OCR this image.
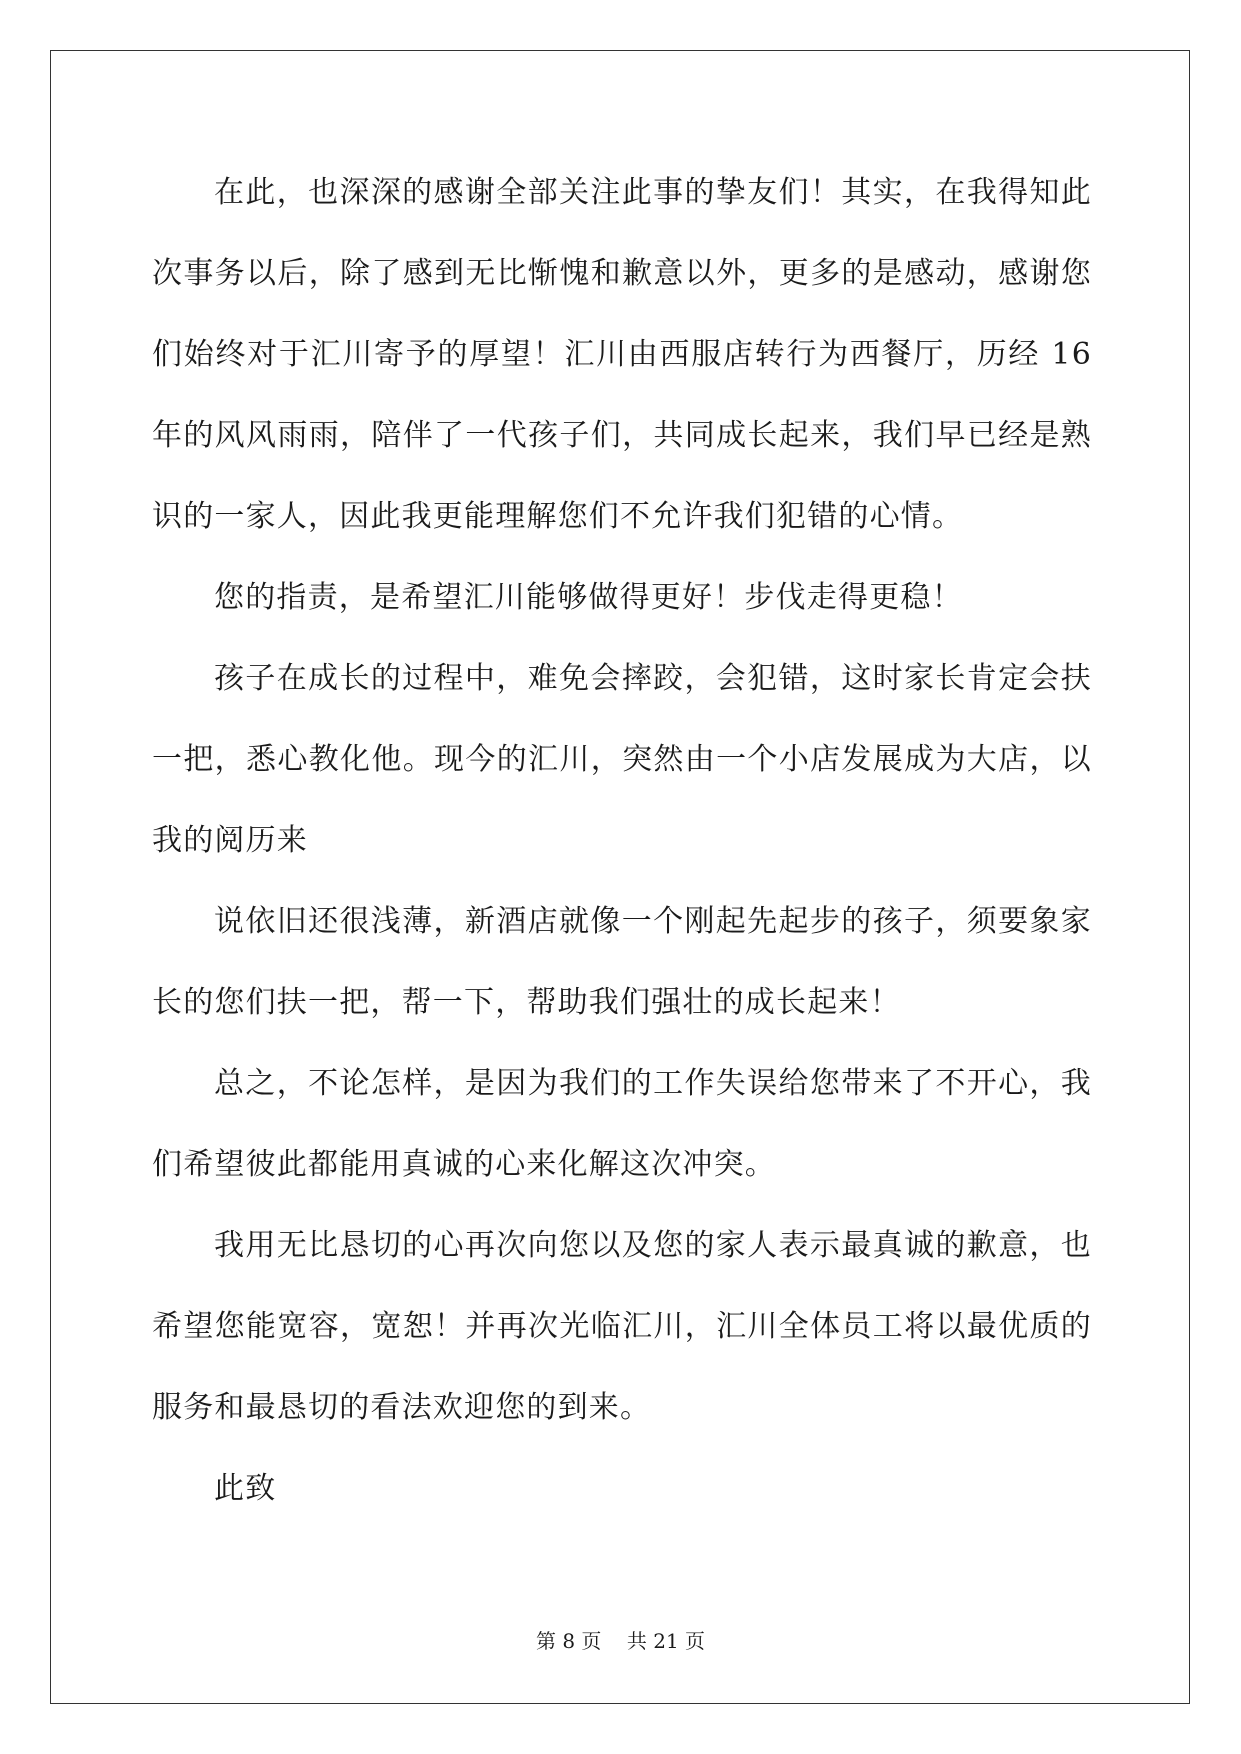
在此，也深深的感谢全部关注此事的挚友们！其实，在我得知此次事务以后，除了感到无比惭愧和歉意以外，更多的是感动，感谢您们始终对于汇川寄予的厚望！汇川由西服店转行为西餐厅，历经 16 年的风风雨雨，陪伴了一代孩子们，共同成长起来，我们早已经是熟识的一家人，因此我更能理解您们不允许我们犯错的心情。

您的指责，是希望汇川能够做得更好！步伐走得更稳！

孩子在成长的过程中，难免会摔跤，会犯错，这时家长肯定会扶一把，悉心教化他。现今的汇川，突然由一个小店发展成为大店，以我的阅历来

说依旧还很浅薄，新酒店就像一个刚起先起步的孩子，须要象家长的您们扶一把，帮一下，帮助我们强壮的成长起来！

总之，不论怎样，是因为我们的工作失误给您带来了不开心，我们希望彼此都能用真诚的心来化解这次冲突。

我用无比恳切的心再次向您以及您的家人表示最真诚的歉意，也希望您能宽容，宽恕！并再次光临汇川，汇川全体员工将以最优质的服务和最恳切的看法欢迎您的到来。

此致

第 8 页 共 21 页
